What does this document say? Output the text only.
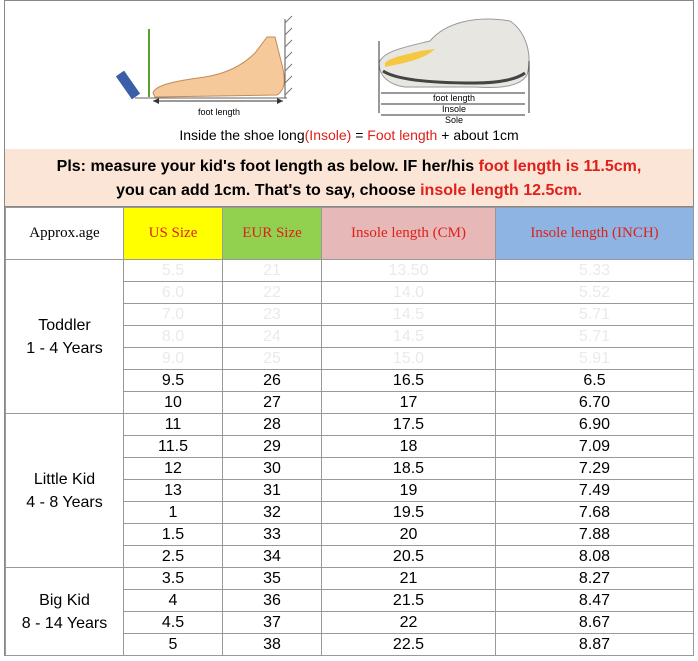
foot length
foot length
Insole
Sole
Inside the shoe long(Insole) = Foot length + about 1cm
Pls: measure your kid's foot length as below. IF her/his foot length is 11.5cm,
you can add 1cm. That's to say, choose insole length 12.5cm.
Approx.age	US Size	EUR Size	Insole length (CM)	Insole length (INCH)

Toddler
1 - 4 Years	5.5	21	13.50	5.33
	6.0	22	14.0	5.52
	7.0	23	14.5	5.71
	8.0	24	14.5	5.71
	9.0	25	15.0	5.91
	9.5	26	16.5	6.5
	10	27	17	6.70

Little Kid
4 - 8 Years	11	28	17.5	6.90
	11.5	29	18	7.09
	12	30	18.5	7.29
	13	31	19	7.49
	1	32	19.5	7.68
	1.5	33	20	7.88
	2.5	34	20.5	8.08

Big Kid
8 - 14 Years	3.5	35	21	8.27
	4	36	21.5	8.47
	4.5	37	22	8.67
	5	38	22.5	8.87
